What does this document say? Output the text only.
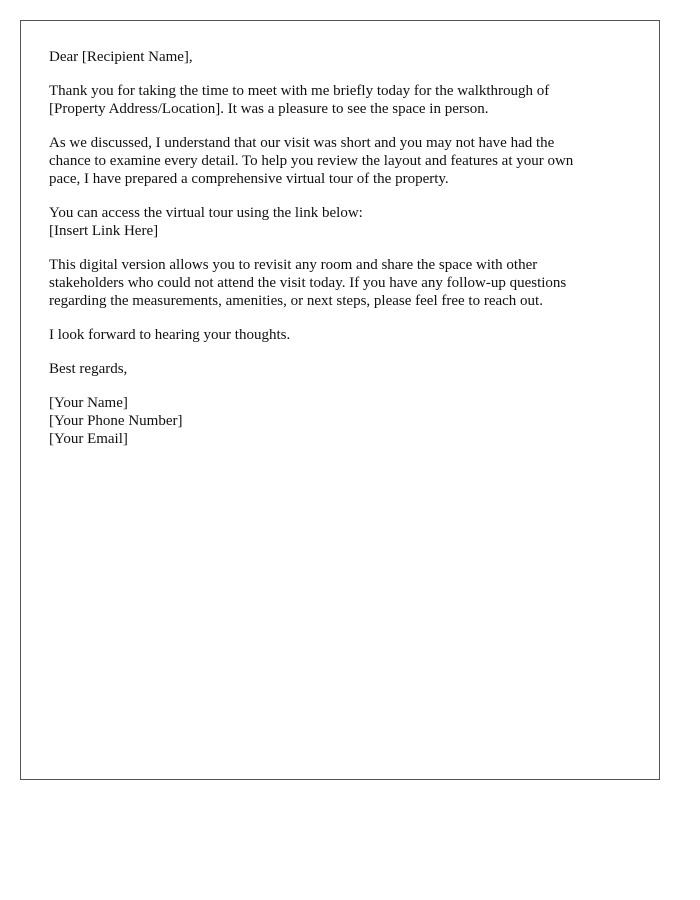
Dear [Recipient Name],

Thank you for taking the time to meet with me briefly today for the walkthrough of
[Property Address/Location]. It was a pleasure to see the space in person.

As we discussed, I understand that our visit was short and you may not have had the
chance to examine every detail. To help you review the layout and features at your own
pace, I have prepared a comprehensive virtual tour of the property.

You can access the virtual tour using the link below:
[Insert Link Here]

This digital version allows you to revisit any room and share the space with other
stakeholders who could not attend the visit today. If you have any follow-up questions
regarding the measurements, amenities, or next steps, please feel free to reach out.

I look forward to hearing your thoughts.

Best regards,

[Your Name]
[Your Phone Number]
[Your Email]
